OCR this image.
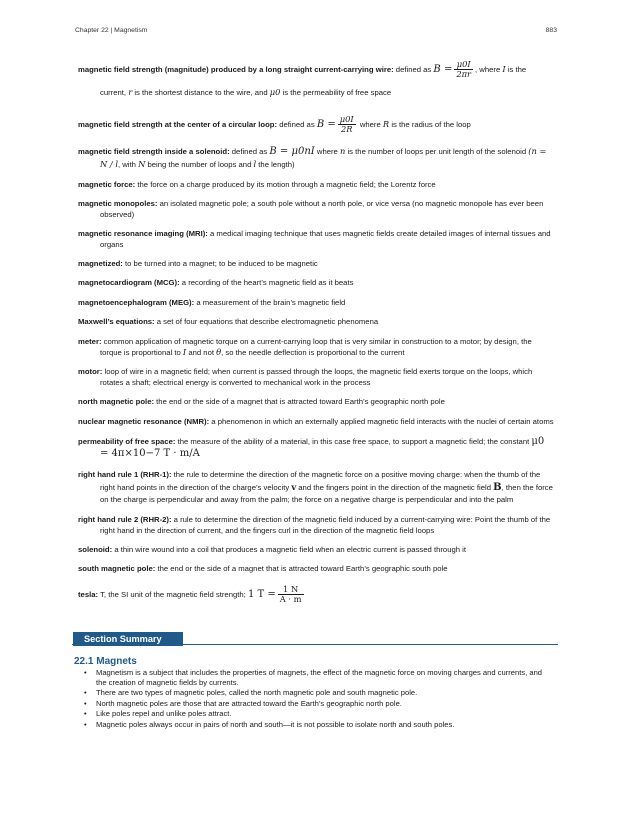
Chapter 22 | Magnetism	883
magnetic field strength (magnitude) produced by a long straight current-carrying wire: defined as $B = \frac{\mu 0I}{2\pi r}$ , where I is the current, r is the shortest distance to the wire, and μ0 is the permeability of free space
magnetic field strength at the center of a circular loop: defined as $B = \frac{\mu 0I}{2R}$ where R is the radius of the loop
magnetic field strength inside a solenoid: defined as B = μ0nI where n is the number of loops per unit length of the solenoid (n = N / l, with N being the number of loops and l the length)
magnetic force: the force on a charge produced by its motion through a magnetic field; the Lorentz force
magnetic monopoles: an isolated magnetic pole; a south pole without a north pole, or vice versa (no magnetic monopole has ever been observed)
magnetic resonance imaging (MRI): a medical imaging technique that uses magnetic fields create detailed images of internal tissues and organs
magnetized: to be turned into a magnet; to be induced to be magnetic
magnetocardiogram (MCG): a recording of the heart’s magnetic field as it beats
magnetoencephalogram (MEG): a measurement of the brain’s magnetic field
Maxwell’s equations: a set of four equations that describe electromagnetic phenomena
meter: common application of magnetic torque on a current-carrying loop that is very similar in construction to a motor; by design, the torque is proportional to I and not θ, so the needle deflection is proportional to the current
motor: loop of wire in a magnetic field; when current is passed through the loops, the magnetic field exerts torque on the loops, which rotates a shaft; electrical energy is converted to mechanical work in the process
north magnetic pole: the end or the side of a magnet that is attracted toward Earth’s geographic north pole
nuclear magnetic resonance (NMR): a phenomenon in which an externally applied magnetic field interacts with the nuclei of certain atoms
permeability of free space: the measure of the ability of a material, in this case free space, to support a magnetic field; the constant μ0 = 4π×10−7 T · m/A
right hand rule 1 (RHR-1): the rule to determine the direction of the magnetic force on a positive moving charge: when the thumb of the right hand points in the direction of the charge’s velocity v and the fingers point in the direction of the magnetic field B, then the force on the charge is perpendicular and away from the palm; the force on a negative charge is perpendicular and into the palm
right hand rule 2 (RHR-2): a rule to determine the direction of the magnetic field induced by a current-carrying wire: Point the thumb of the right hand in the direction of current, and the fingers curl in the direction of the magnetic field loops
solenoid: a thin wire wound into a coil that produces a magnetic field when an electric current is passed through it
south magnetic pole: the end or the side of a magnet that is attracted toward Earth’s geographic south pole
tesla: T, the SI unit of the magnetic field strength; 1 $T = \frac{1 N}{A \cdot m}$
Section Summary
22.1 Magnets
• Magnetism is a subject that includes the properties of magnets, the effect of the magnetic force on moving charges and currents, and the creation of magnetic fields by currents.
• There are two types of magnetic poles, called the north magnetic pole and south magnetic pole.
• North magnetic poles are those that are attracted toward the Earth’s geographic north pole.
• Like poles repel and unlike poles attract.
• Magnetic poles always occur in pairs of north and south—it is not possible to isolate north and south poles.
